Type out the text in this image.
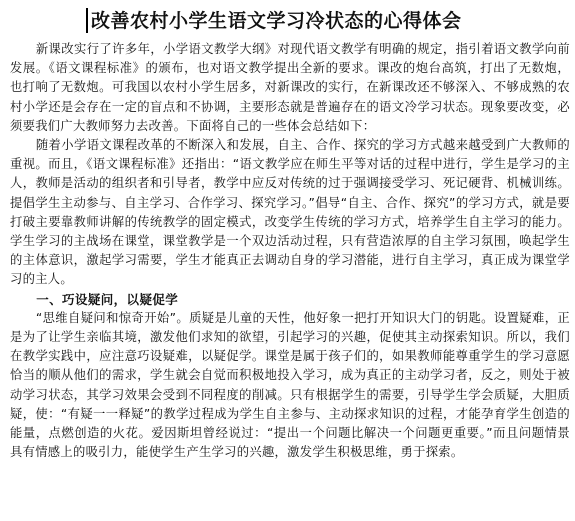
改善农村小学生语文学习冷状态的心得体会

新课改实行了许多年，小学语文教学大纲》对现代语文教学有明确的规定，指引着语文教学向前发展。《语文课程标准》的颁布，也对语文教学提出全新的要求。课改的炮台高筑，打出了无数炮，也打响了无数炮。可我国以农村小学生居多，对新课改的实行，在新课改还不够深入、不够成熟的农村小学还是会存在一定的盲点和不协调，主要形态就是普遍存在的语文冷学习状态。现象要改变，必须要我们广大教师努力去改善。下面将自己的一些体会总结如下：

随着小学语文课程改革的不断深入和发展，自主、合作、探究的学习方式越来越受到广大教师的重视。而且，《语文课程标准》还指出：“语文教学应在师生平等对话的过程中进行，学生是学习的主人，教师是活动的组织者和引导者，教学中应反对传统的过于强调接受学习、死记硬背、机械训练。提倡学生主动参与、自主学习、合作学习、探究学习。”倡导“自主、合作、探究”的学习方式，就是要打破主要靠教师讲解的传统教学的固定模式，改变学生传统的学习方式，培养学生自主学习的能力。学生学习的主战场在课堂，课堂教学是一个双边活动过程，只有营造浓厚的自主学习氛围，唤起学生的主体意识，激起学习需要，学生才能真正去调动自身的学习潜能，进行自主学习，真正成为课堂学习的主人。

一、巧设疑问，以疑促学

“思维自疑问和惊奇开始”。质疑是儿童的天性，他好象一把打开知识大门的钥匙。设置疑难，正是为了让学生亲临其境，激发他们求知的欲望，引起学习的兴趣，促使其主动探索知识。所以，我们在教学实践中，应注意巧设疑难，以疑促学。课堂是属于孩子们的，如果教师能尊重学生的学习意愿恰当的顺从他们的需求，学生就会自觉而积极地投入学习，成为真正的主动学习者，反之，则处于被动学习状态，其学习效果会受到不同程度的削减。只有根据学生的需要，引导学生学会质疑，大胆质疑，使：“有疑一一释疑”的教学过程成为学生自主参与、主动探求知识的过程，才能孕育学生创造的能量，点燃创造的火花。爱因斯坦曾经说过：“提出一个问题比解决一个问题更重要。”而且问题情景具有情感上的吸引力，能使学生产生学习的兴趣，激发学生积极思维，勇于探索。
